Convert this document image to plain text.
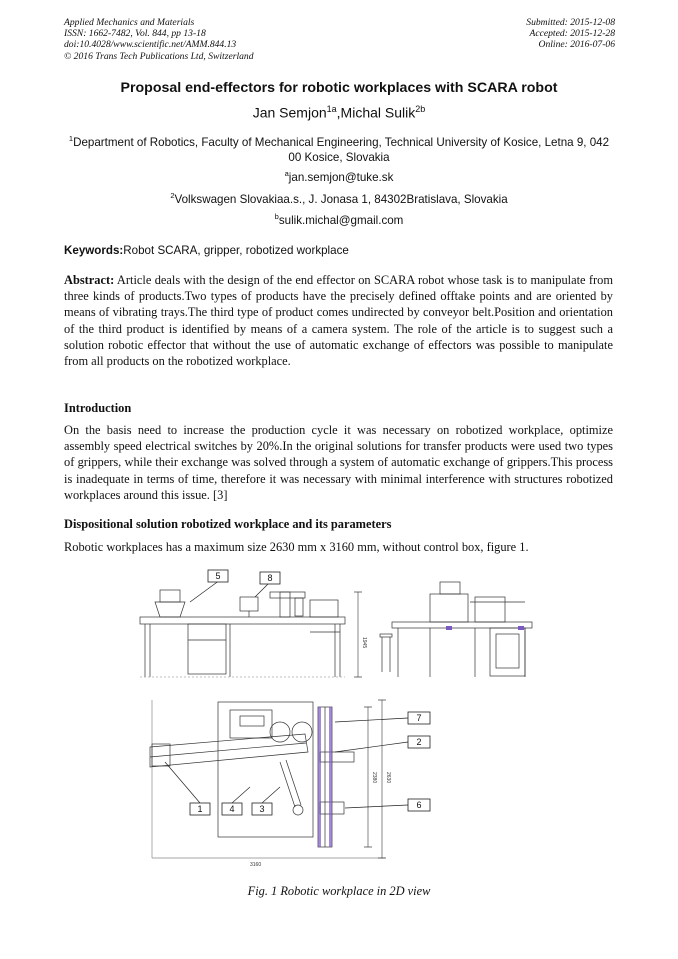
Applied Mechanics and Materials
ISSN: 1662-7482, Vol. 844, pp 13-18
doi:10.4028/www.scientific.net/AMM.844.13
© 2016 Trans Tech Publications Ltd, Switzerland
Submitted: 2015-12-08
Accepted: 2015-12-28
Online: 2016-07-06
Proposal end-effectors for robotic workplaces with SCARA robot
Jan Semjon$^{1a}$,Michal Sulik$^{2b}$
$^1$Department of Robotics, Faculty of Mechanical Engineering, Technical University of Kosice, Letna 9, 042 00 Kosice, Slovakia
$^a$jan.semjon@tuke.sk
$^2$Volkswagen Slovakiaa.s., J. Jonasa 1, 84302Bratislava, Slovakia
$^b$sulik.michal@gmail.com
Keywords:Robot SCARA, gripper, robotized workplace
Abstract: Article deals with the design of the end effector on SCARA robot whose task is to manipulate from three kinds of products.Two types of products have the precisely defined offtake points and are oriented by means of vibrating trays.The third type of product comes undirected by conveyor belt.Position and orientation of the third product is identified by means of a camera system. The role of the article is to suggest such a solution robotic effector that without the use of automatic exchange of effectors was possible to manipulate from all products on the robotized workplace.
Introduction
On the basis need to increase the production cycle it was necessary on robotized workplace, optimize assembly speed electrical switches by 20%.In the original solutions for transfer products were used two types of grippers, while their exchange was solved through a system of automatic exchange of grippers.This process is inadequate in terms of time, therefore it was necessary with minimal interference with structures robotized workplaces around this issue. [3]
Dispositional solution robotized workplace and its parameters
Robotic workplaces has a maximum size 2630 mm x 3160 mm, without control box, figure 1.
5	8
7
2
6
1	4	3
1945
2380 2630
3160
Fig. 1 Robotic workplace in 2D view
